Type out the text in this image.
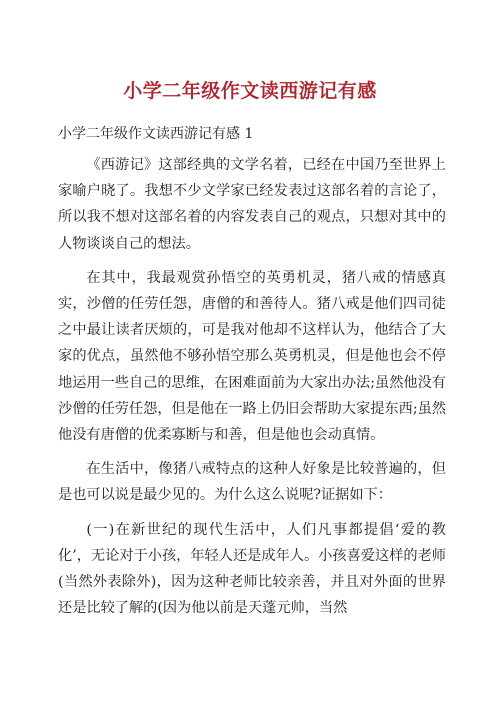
小学二年级作文读西游记有感
小学二年级作文读西游记有感 1

《西游记》这部经典的文学名着，已经在中国乃至世界上家喻户晓了。我想不少文学家已经发表过这部名着的言论了，所以我不想对这部名着的内容发表自己的观点，只想对其中的人物谈谈自己的想法。

在其中，我最观赏孙悟空的英勇机灵，猪八戒的情感真实，沙僧的任劳任怨，唐僧的和善待人。猪八戒是他们四司徒之中最让读者厌烦的，可是我对他却不这样认为，他结合了大家的优点，虽然他不够孙悟空那么英勇机灵，但是他也会不停地运用一些自己的思维，在困难面前为大家出办法;虽然他没有沙僧的任劳任怨，但是他在一路上仍旧会帮助大家提东西;虽然他没有唐僧的优柔寡断与和善，但是他也会动真情。

在生活中，像猪八戒特点的这种人好象是比较普遍的，但是也可以说是最少见的。为什么这么说呢?证据如下：

(一)在新世纪的现代生活中，人们凡事都提倡‘爱的教化’，无论对于小孩，年轻人还是成年人。小孩喜爱这样的老师(当然外表除外)，因为这种老师比较亲善，并且对外面的世界还是比较了解的(因为他以前是天蓬元帅，当然
